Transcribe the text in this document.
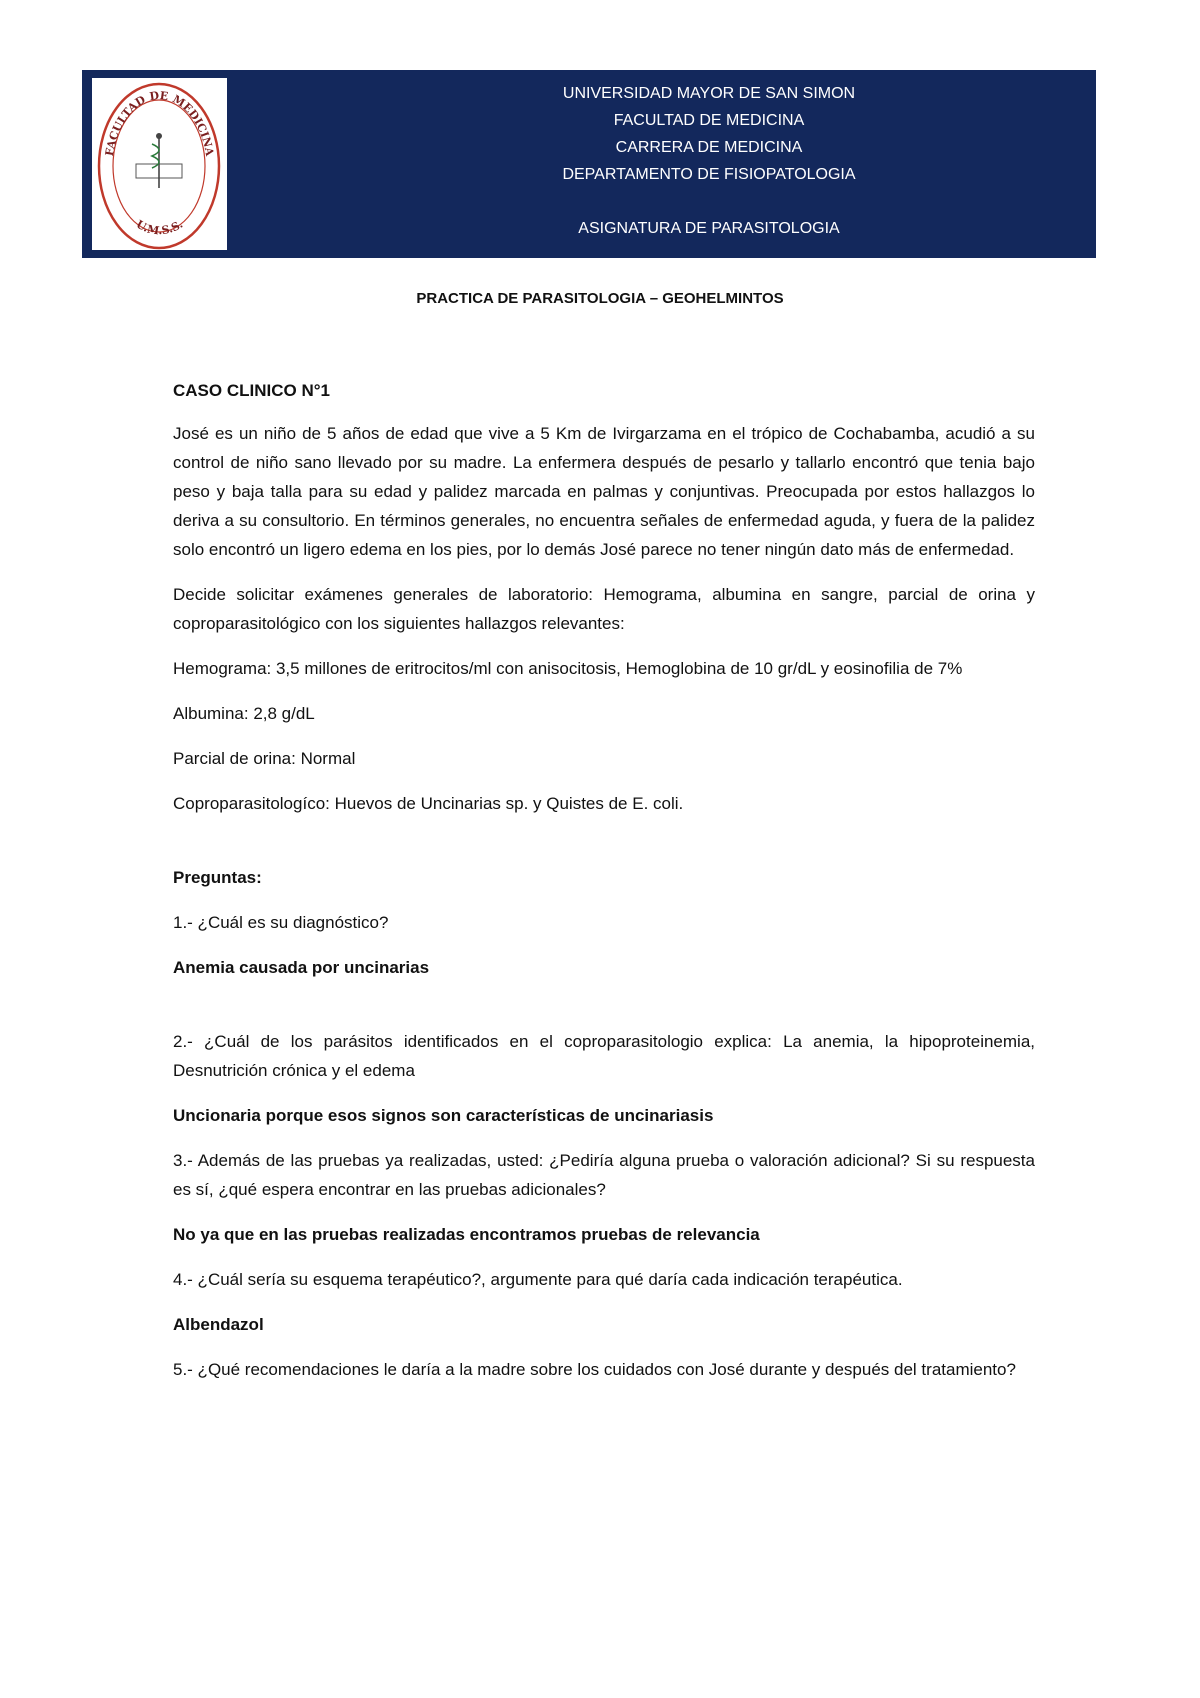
FACULTAD DE MEDICINA
U.M.S.S.
UNIVERSIDAD MAYOR DE SAN SIMON
FACULTAD DE MEDICINA
CARRERA DE MEDICINA
DEPARTAMENTO DE FISIOPATOLOGIA
ASIGNATURA DE PARASITOLOGIA
PRACTICA DE PARASITOLOGIA – GEOHELMINTOS

CASO CLINICO N°1

José es un niño de 5 años de edad que vive a 5 Km de Ivirgarzama en el trópico de Cochabamba, acudió a su control de niño sano llevado por su madre. La enfermera después de pesarlo y tallarlo encontró que tenia bajo peso y baja talla para su edad y palidez marcada en palmas y conjuntivas. Preocupada por estos hallazgos lo deriva a su consultorio. En términos generales, no encuentra señales de enfermedad aguda, y fuera de la palidez solo encontró un ligero edema en los pies, por lo demás José parece no tener ningún dato más de enfermedad.

Decide solicitar exámenes generales de laboratorio: Hemograma, albumina en sangre, parcial de orina y coproparasitológico con los siguientes hallazgos relevantes:

Hemograma: 3,5 millones de eritrocitos/ml con anisocitosis, Hemoglobina de 10 gr/dL y eosinofilia de 7%

Albumina: 2,8 g/dL

Parcial de orina: Normal

Coproparasitologíco: Huevos de Uncinarias sp. y Quistes de E. coli.

Preguntas:

1.- ¿Cuál es su diagnóstico?

Anemia causada por uncinarias

2.- ¿Cuál de los parásitos identificados en el coproparasitologio explica: La anemia, la hipoproteinemia, Desnutrición crónica y el edema

Uncionaria porque esos signos son características de uncinariasis

3.- Además de las pruebas ya realizadas, usted: ¿Pediría alguna prueba o valoración adicional? Si su respuesta es sí, ¿qué espera encontrar en las pruebas adicionales?

No ya que en las pruebas realizadas encontramos pruebas de relevancia

4.- ¿Cuál sería su esquema terapéutico?, argumente para qué daría cada indicación terapéutica.

Albendazol

5.- ¿Qué recomendaciones le daría a la madre sobre los cuidados con José durante y después del tratamiento?
